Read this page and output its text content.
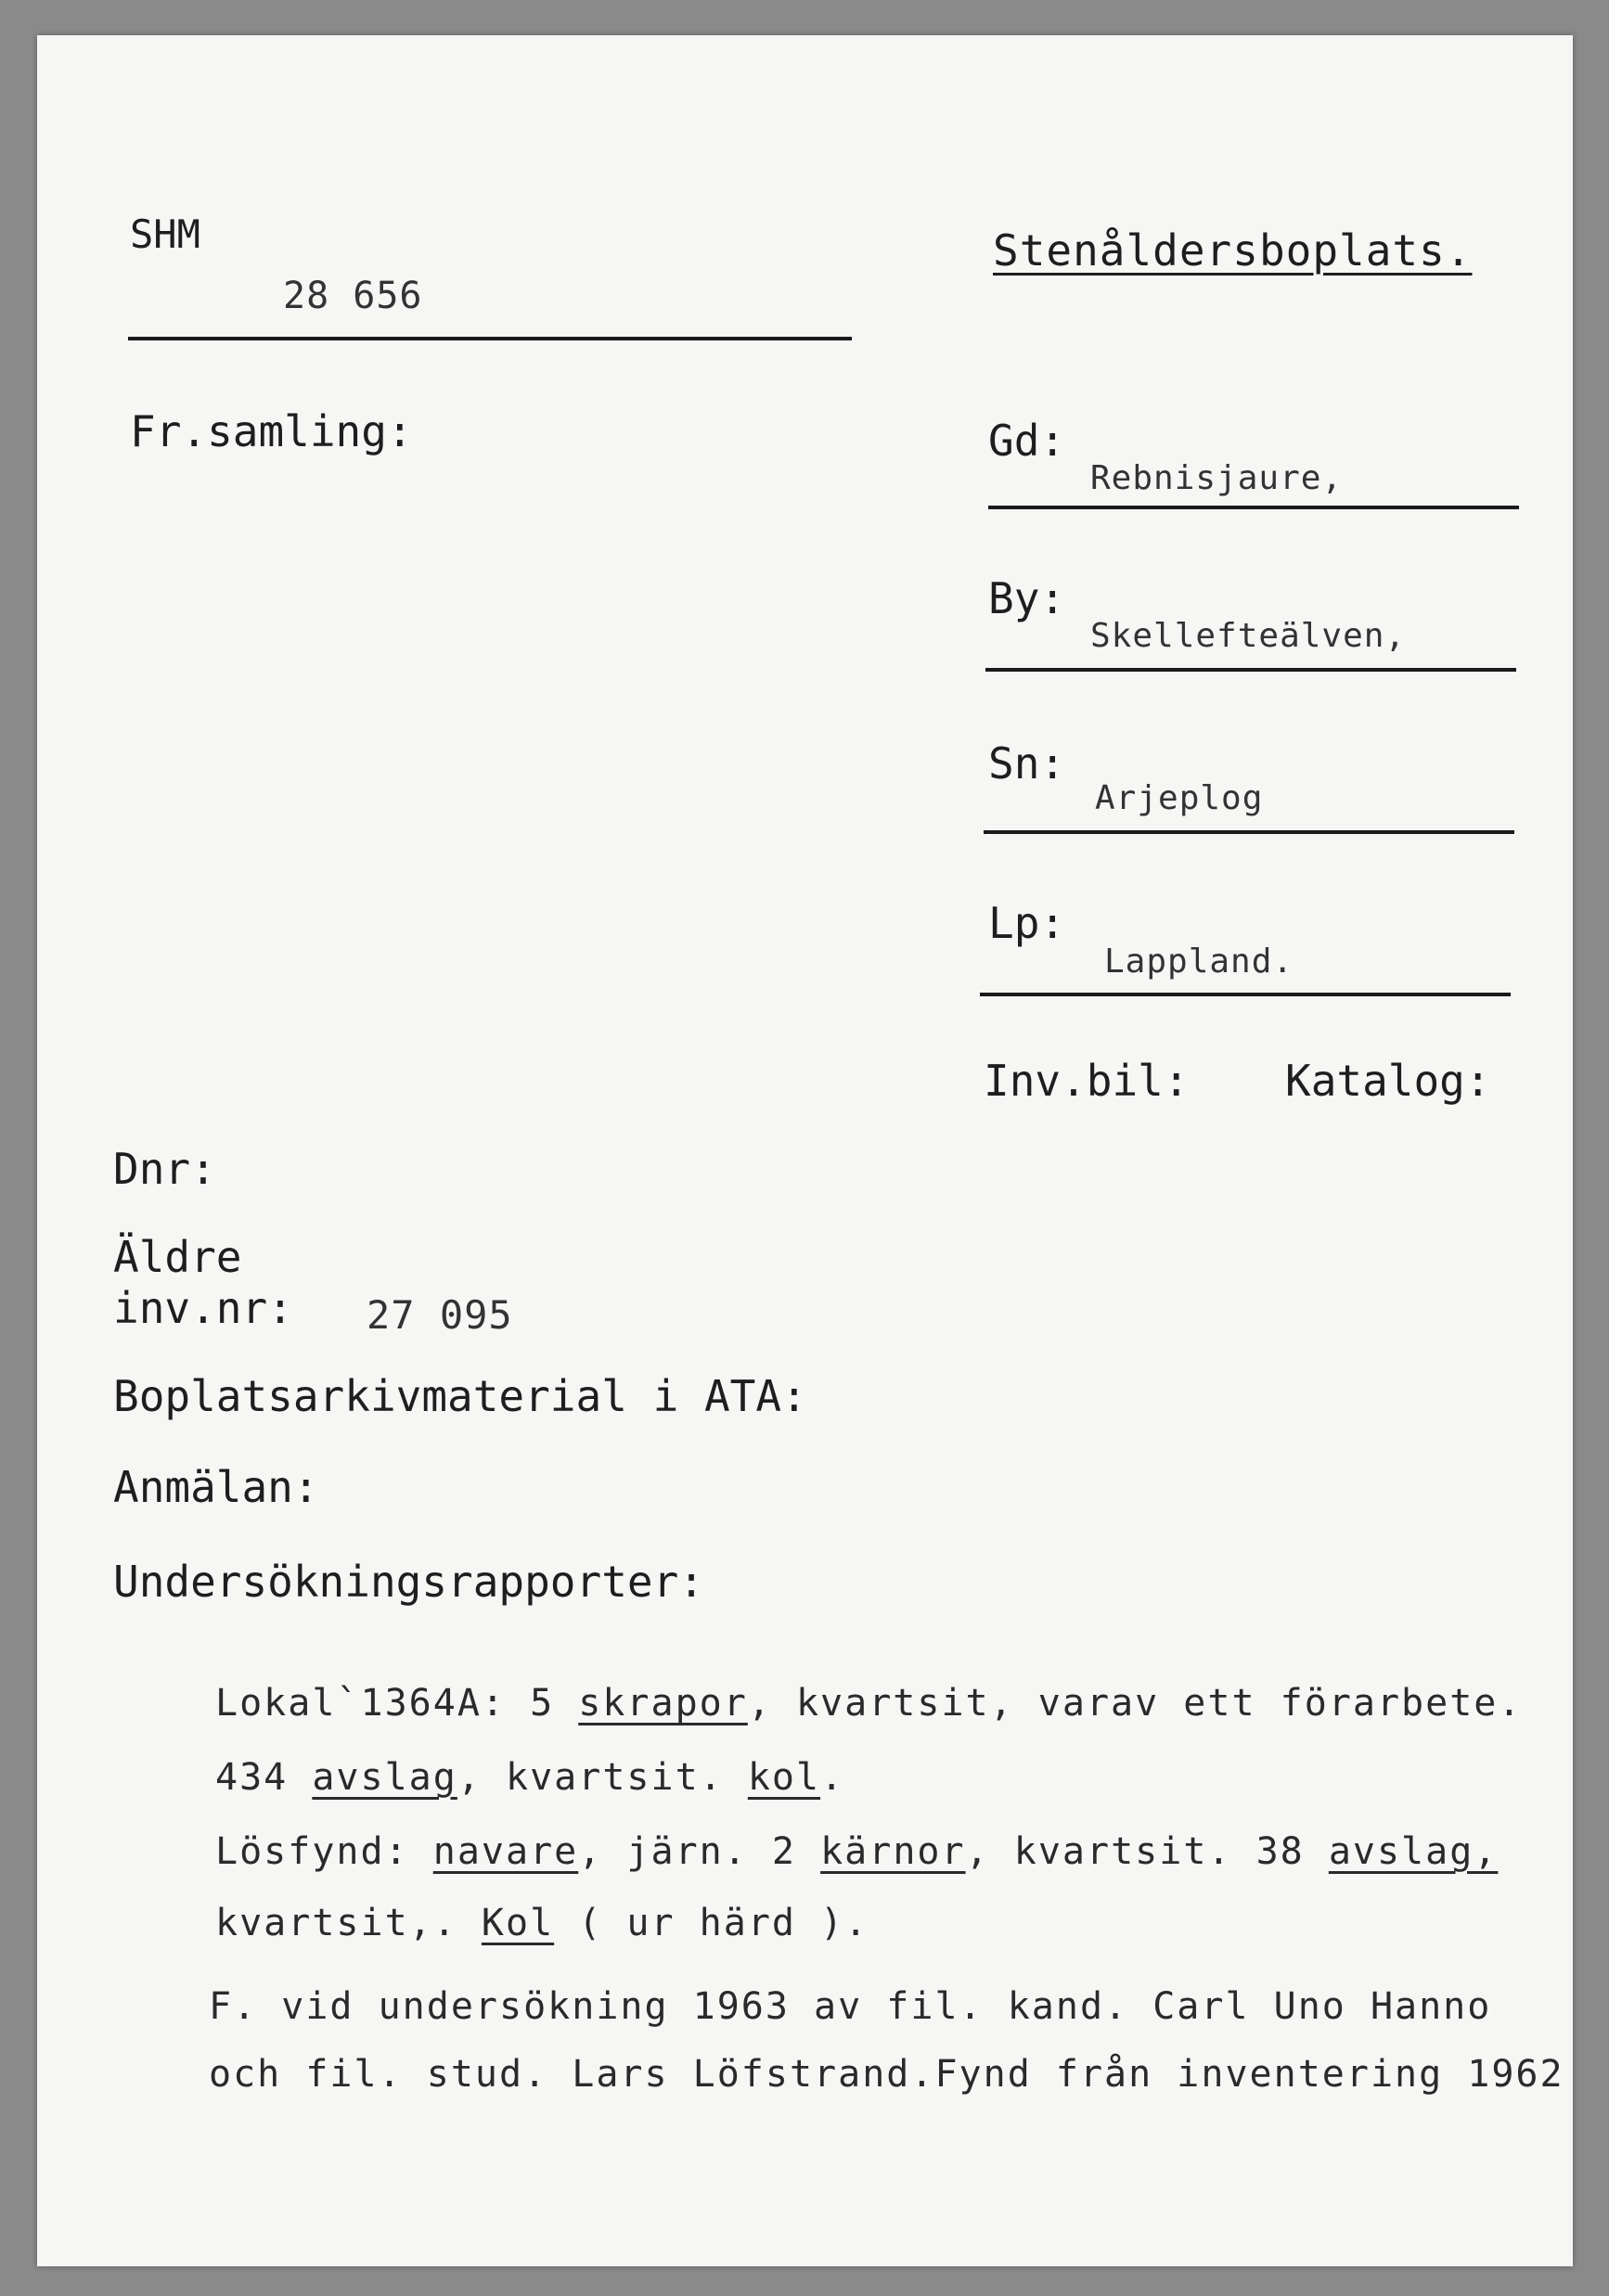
SHM
28 656
Stenåldersboplats.
Fr.samling:	Gd:
Rebnisjaure,
By:
Skellefteälven,
Sn:
Arjeplog
Lp:
Lappland.
Inv.bil: Katalog:
Dnr:
Äldre
inv.nr: 27 095
Boplatsarkivmaterial i ATA:
Anmälan:
Undersökningsrapporter:
Lokal`1364A: 5 skrapor, kvartsit, varav ett förarbete.
434 avslag, kvartsit. kol.
Lösfynd: navare, järn. 2 kärnor, kvartsit. 38 avslag,
kvartsit,. Kol ( ur härd ).
F. vid undersökning 1963 av fil. kand. Carl Uno Hanno
och fil. stud. Lars Löfstrand.Fynd från inventering 1962
